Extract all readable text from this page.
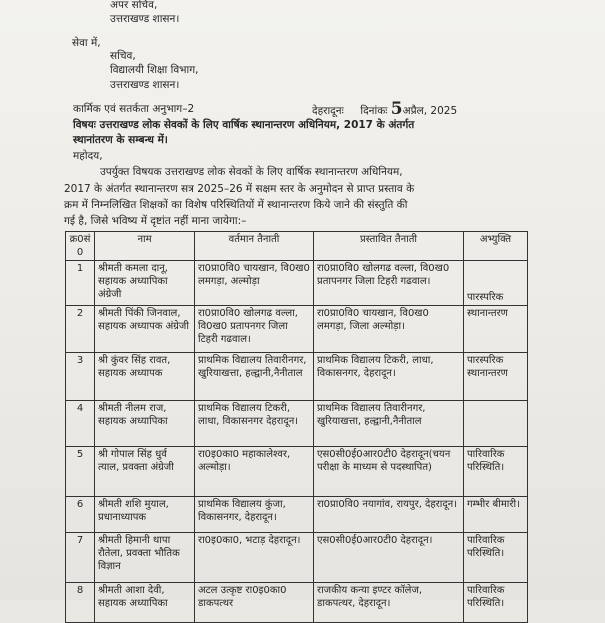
अपर सचिव,
उत्तराखण्ड शासन।
सेवा में,
सचिव,
विद्यालयी शिक्षा विभाग,
उत्तराखण्ड शासन।
कार्मिक एवं सतर्कता अनुभाग–2	देहरादूनः दिनांकः 5अप्रैल, 2025
विषयः उत्तराखण्ड लोक सेवकों के लिए वार्षिक स्थानान्तरण अधिनियम, 2017 के अंतर्गत
स्थानांतरण के सम्बन्ध में।
महोदय,
उपर्युक्त विषयक उत्तराखण्ड लोक सेवकों के लिए वार्षिक स्थानान्तरण अधिनियम,
2017 के अंतर्गत स्थानान्तरण सत्र 2025–26 में सक्षम स्तर के अनुमोदन से प्राप्त प्रस्ताव के
क्रम में निम्नलिखित शिक्षकों का विशेष परिस्थितियों में स्थानान्तरण किये जाने की संस्तुति की
गई है, जिसे भविष्य में दृष्टांत नहीं माना जायेगा:–
क्र0सं0	नाम	वर्तमान तैनाती	प्रस्तावित तैनाती	अभ्युक्ति
1	श्रीमती कमला दानू, सहायक अध्यापिका अंग्रेजी	रा0प्रा0वि0 चायखान, वि0ख0 लमगड़ा, अल्मोड़ा	रा0प्रा0वि0 खोलगढ वल्ला, वि0ख0 प्रतापनगर जिला टिहरी गढवाल।	पारस्परिक
2	श्रीमती पिंकी जिनवाल, सहायक अध्यापक अंग्रेजी	रा0प्रा0वि0 खोलगढ वल्ला, वि0ख0 प्रतापनगर जिला टिहरी गढवाल।	रा0प्रा0वि0 चायखान, वि0ख0 लमगड़ा, जिला अल्मोड़ा।	स्थानान्तरण
3	श्री कुंवर सिंह रावत, सहायक अध्यापक	प्राथमिक विद्यालय तिवारीनगर, खुरियाखत्ता, हल्द्वानी,नैनीताल	प्राथमिक विद्यालय टिकरी, लाधा, विकासनगर, देहरादून।	पारस्परिक स्थानान्तरण
4	श्रीमती नीलम राज, सहायक अध्यापिका	प्राथमिक विद्यालय टिकरी, लाधा, विकासनगर देहरादून।	प्राथमिक विद्यालय तिवारीनगर, खुरियाखत्ता, हल्द्वानी,नैनीताल	
5	श्री गोपाल सिंह धुर्व त्याल, प्रवक्ता अंग्रेजी	रा0इ0का0 महाकालेश्वर, अल्मोड़ा।	एस0सी0ई0आर0टी0 देहरादून(चयन परीक्षा के माध्यम से पदस्थापित)	पारिवारिक परिस्थिति।
6	श्रीमती शशि मुयाल, प्रधानाध्यापक	प्राथमिक विद्यालय कुंजा, विकासनगर, देहरादून।	रा0प्रा0वि0 नयागांव, रायपुर, देहरादून।	गम्भीर बीमारी।
7	श्रीमती हिमानी थापा रौतेला, प्रवक्ता भौतिक विज्ञान	रा0इ0का0, भटाड़ देहरादून।	एस0सी0ई0आर0टी0 देहरादून।	पारिवारिक परिस्थिति।
8	श्रीमती आशा देवी, सहायक अध्यापिका	अटल उत्कृष्ट रा0इ0का0 डाकपत्थर	राजकीय कन्या इण्टर कॉलेज, डाकपत्थर, देहरादून।	पारिवारिक परिस्थिति।
